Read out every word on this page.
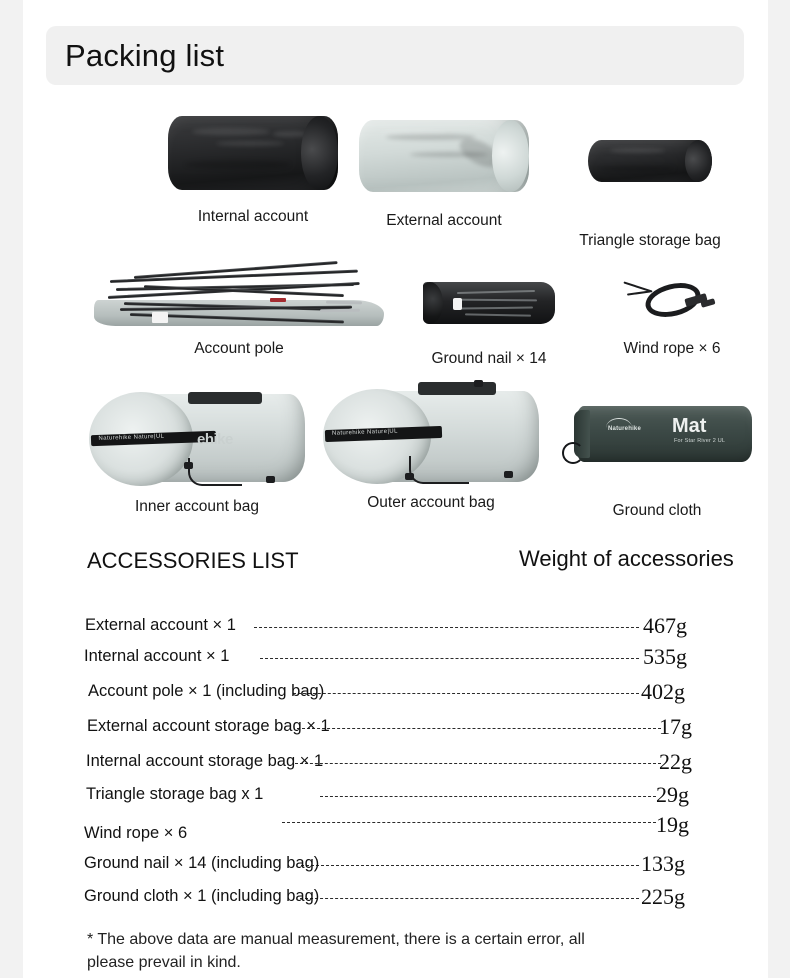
Packing list
Internal account	External account
Triangle storage bag
Account pole
Ground nail × 14
Wind rope × 6
Naturehike Nature|UL ehike
Inner account bag
Naturehike Nature|UL
Outer account bag
Naturehike Mat
For Star River 2 UL
Ground cloth
ACCESSORIES LIST	Weight of accessories
External account × 1	467g
Internal account × 1	535g
Account pole × 1 (including bag)	402g
External account storage bag × 1	17g
Internal account storage bag × 1	22g
Triangle storage bag x 1	29g
Wind rope × 6	19g
Ground nail × 14 (including bag)	133g
Ground cloth × 1 (including bag)	225g
* The above data are manual measurement, there is a certain error, all please prevail in kind.
